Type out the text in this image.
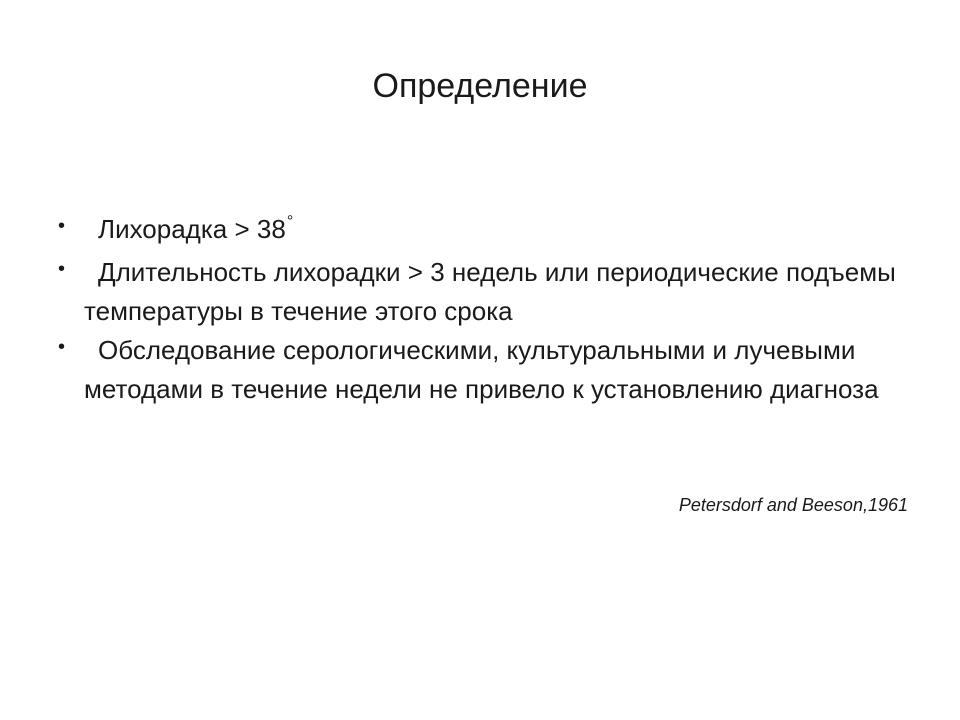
Определение
•	Лихорадка > 38°
•	Длительность лихорадки > 3 недель или периодические подъемы температуры в течение этого срока
•	Обследование серологическими, культуральными и лучевыми методами в течение недели не привело к установлению диагноза
Petersdorf and Beeson,1961
